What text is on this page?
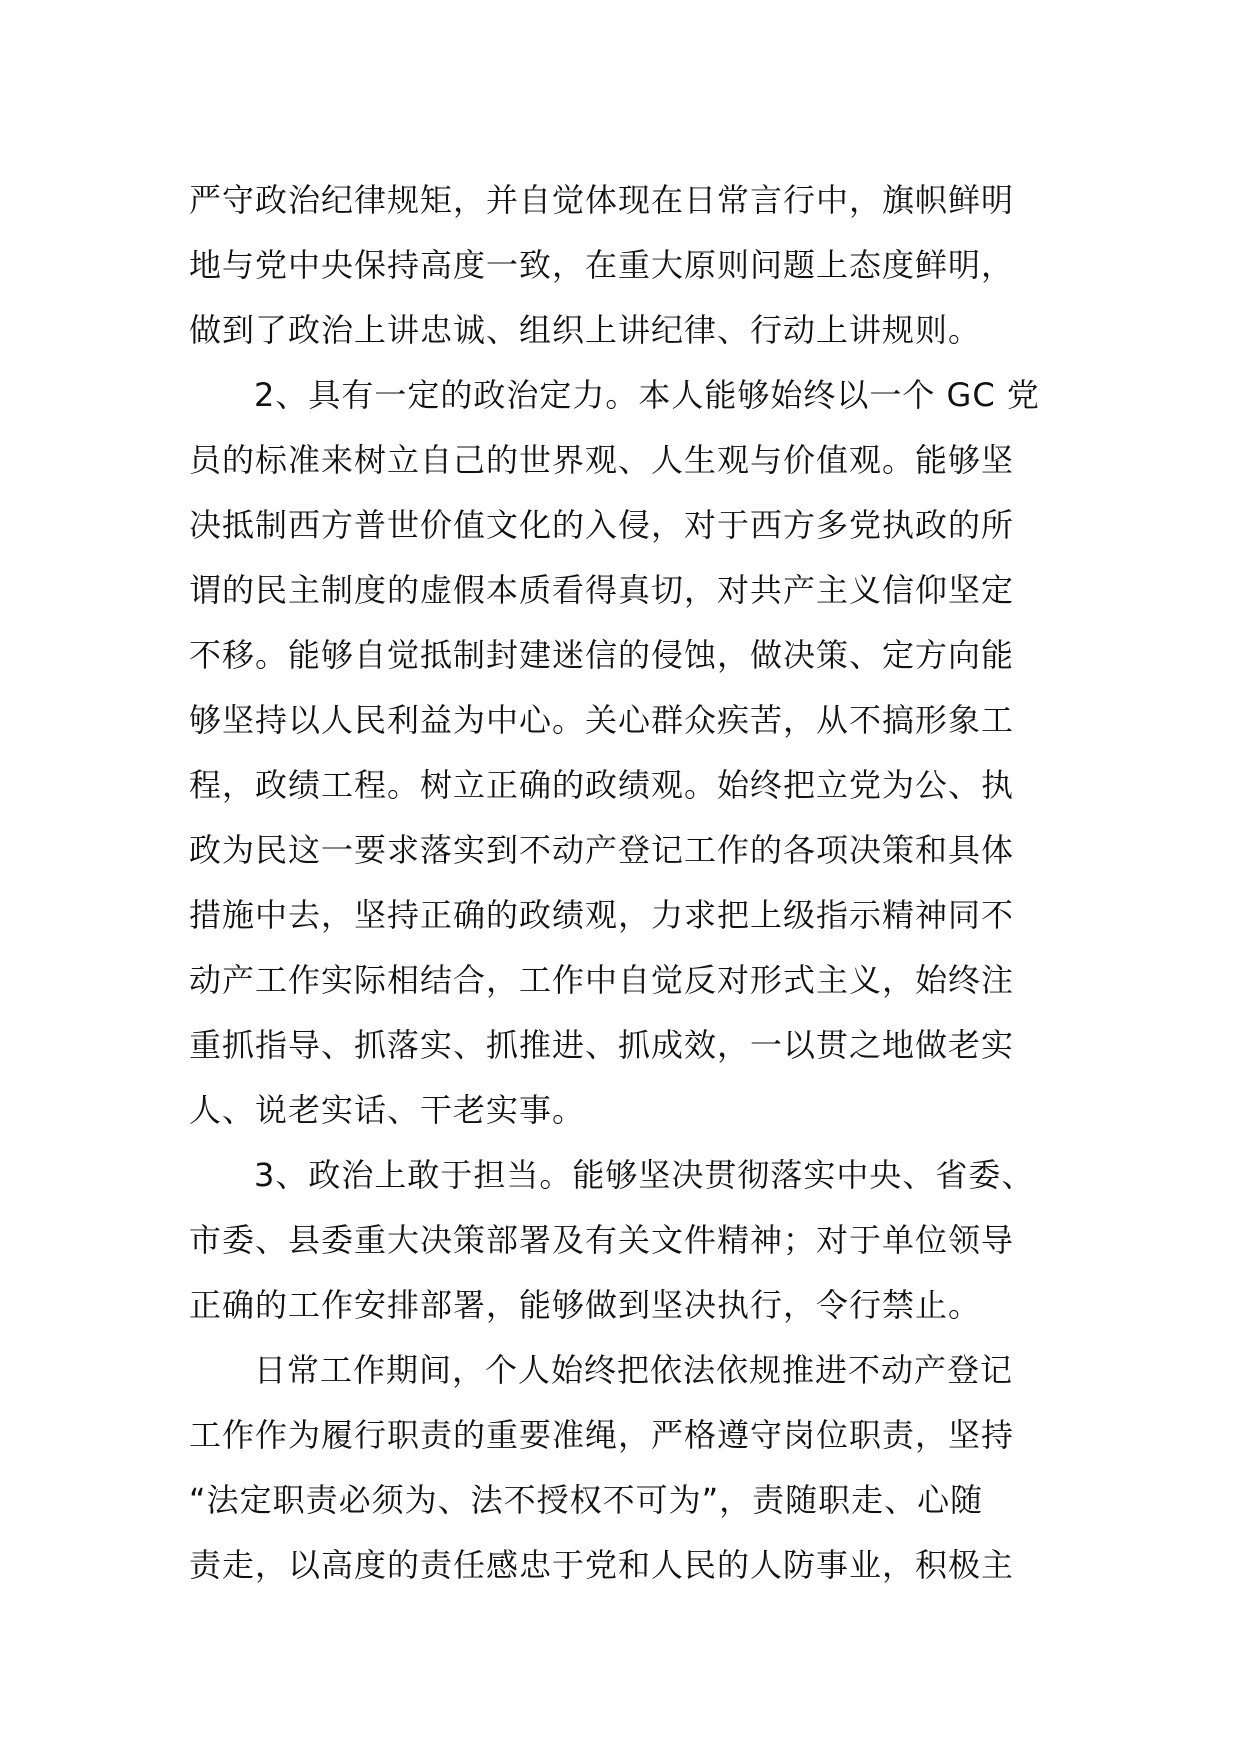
严守政治纪律规矩，并自觉体现在日常言行中，旗帜鲜明
地与党中央保持高度一致，在重大原则问题上态度鲜明，
做到了政治上讲忠诚、组织上讲纪律、行动上讲规则。
2、具有一定的政治定力。本人能够始终以一个 GC 党
员的标准来树立自己的世界观、人生观与价值观。能够坚
决抵制西方普世价值文化的入侵，对于西方多党执政的所
谓的民主制度的虚假本质看得真切，对共产主义信仰坚定
不移。能够自觉抵制封建迷信的侵蚀，做决策、定方向能
够坚持以人民利益为中心。关心群众疾苦，从不搞形象工
程，政绩工程。树立正确的政绩观。始终把立党为公、执
政为民这一要求落实到不动产登记工作的各项决策和具体
措施中去，坚持正确的政绩观，力求把上级指示精神同不
动产工作实际相结合，工作中自觉反对形式主义，始终注
重抓指导、抓落实、抓推进、抓成效，一以贯之地做老实
人、说老实话、干老实事。
3、政治上敢于担当。能够坚决贯彻落实中央、省委、
市委、县委重大决策部署及有关文件精神；对于单位领导
正确的工作安排部署，能够做到坚决执行，令行禁止。
日常工作期间，个人始终把依法依规推进不动产登记
工作作为履行职责的重要准绳，严格遵守岗位职责，坚持
“法定职责必须为、法不授权不可为”，责随职走、心随
责走，以高度的责任感忠于党和人民的人防事业，积极主
